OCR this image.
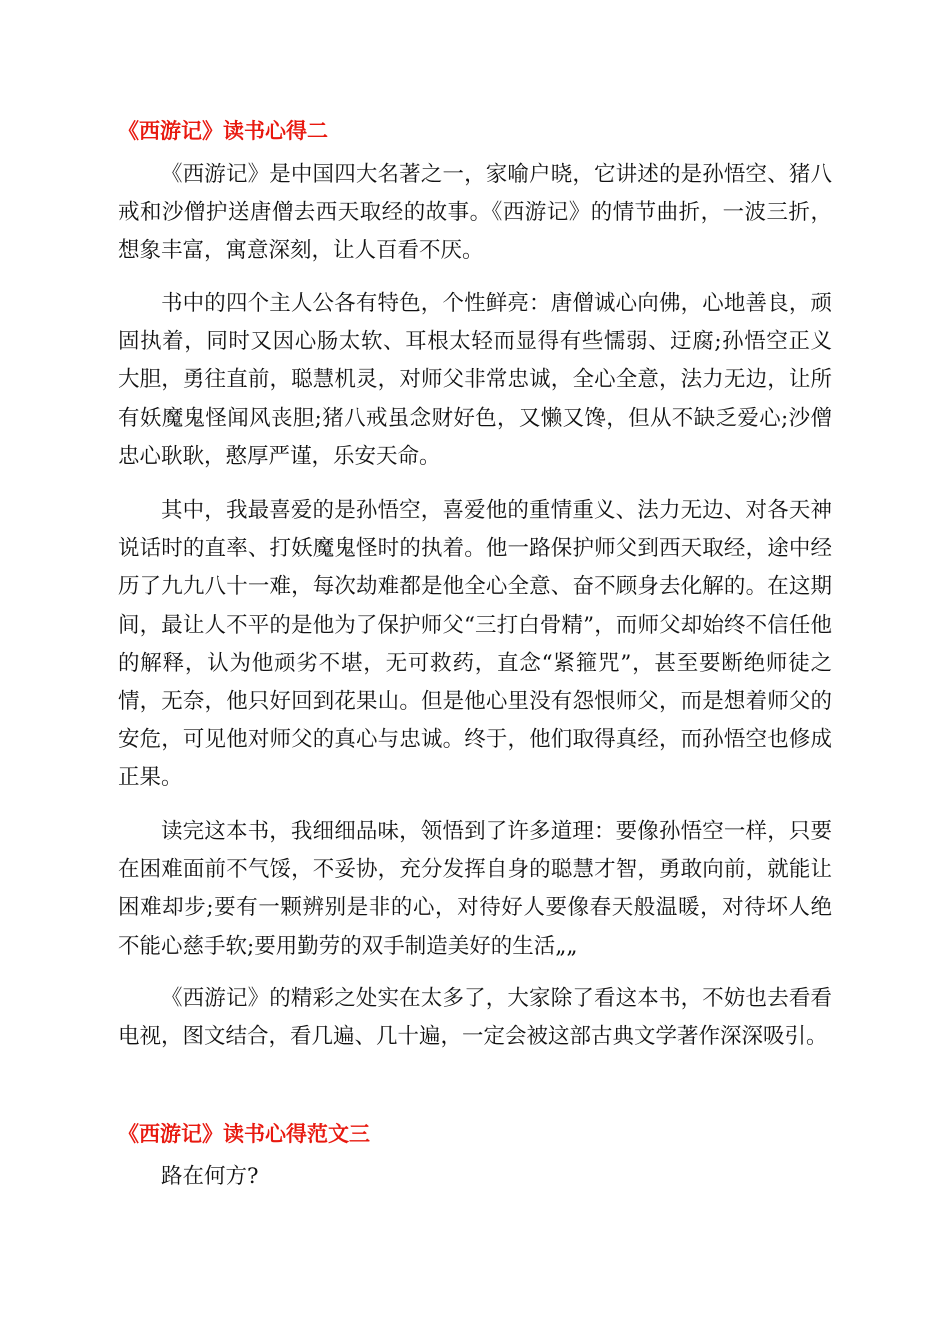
《西游记》读书心得二

《西游记》是中国四大名著之一，家喻户晓，它讲述的是孙悟空、猪八戒和沙僧护送唐僧去西天取经的故事。《西游记》的情节曲折，一波三折，想象丰富，寓意深刻，让人百看不厌。

书中的四个主人公各有特色，个性鲜亮：唐僧诚心向佛，心地善良，顽固执着，同时又因心肠太软、耳根太轻而显得有些懦弱、迂腐;孙悟空正义大胆，勇往直前，聪慧机灵，对师父非常忠诚，全心全意，法力无边，让所有妖魔鬼怪闻风丧胆;猪八戒虽念财好色，又懒又馋，但从不缺乏爱心;沙僧忠心耿耿，憨厚严谨，乐安天命。

其中，我最喜爱的是孙悟空，喜爱他的重情重义、法力无边、对各天神说话时的直率、打妖魔鬼怪时的执着。他一路保护师父到西天取经，途中经历了九九八十一难，每次劫难都是他全心全意、奋不顾身去化解的。在这期间，最让人不平的是他为了保护师父“三打白骨精”，而师父却始终不信任他的解释，认为他顽劣不堪，无可救药，直念“紧箍咒”，甚至要断绝师徒之情，无奈，他只好回到花果山。但是他心里没有怨恨师父，而是想着师父的安危，可见他对师父的真心与忠诚。终于，他们取得真经，而孙悟空也修成正果。

读完这本书，我细细品味，领悟到了许多道理：要像孙悟空一样，只要在困难面前不气馁，不妥协，充分发挥自身的聪慧才智，勇敢向前，就能让困难却步;要有一颗辨别是非的心，对待好人要像春天般温暖，对待坏人绝不能心慈手软;要用勤劳的双手制造美好的生活„„

《西游记》的精彩之处实在太多了，大家除了看这本书，不妨也去看看电视，图文结合，看几遍、几十遍，一定会被这部古典文学著作深深吸引。

《西游记》读书心得范文三

路在何方?
